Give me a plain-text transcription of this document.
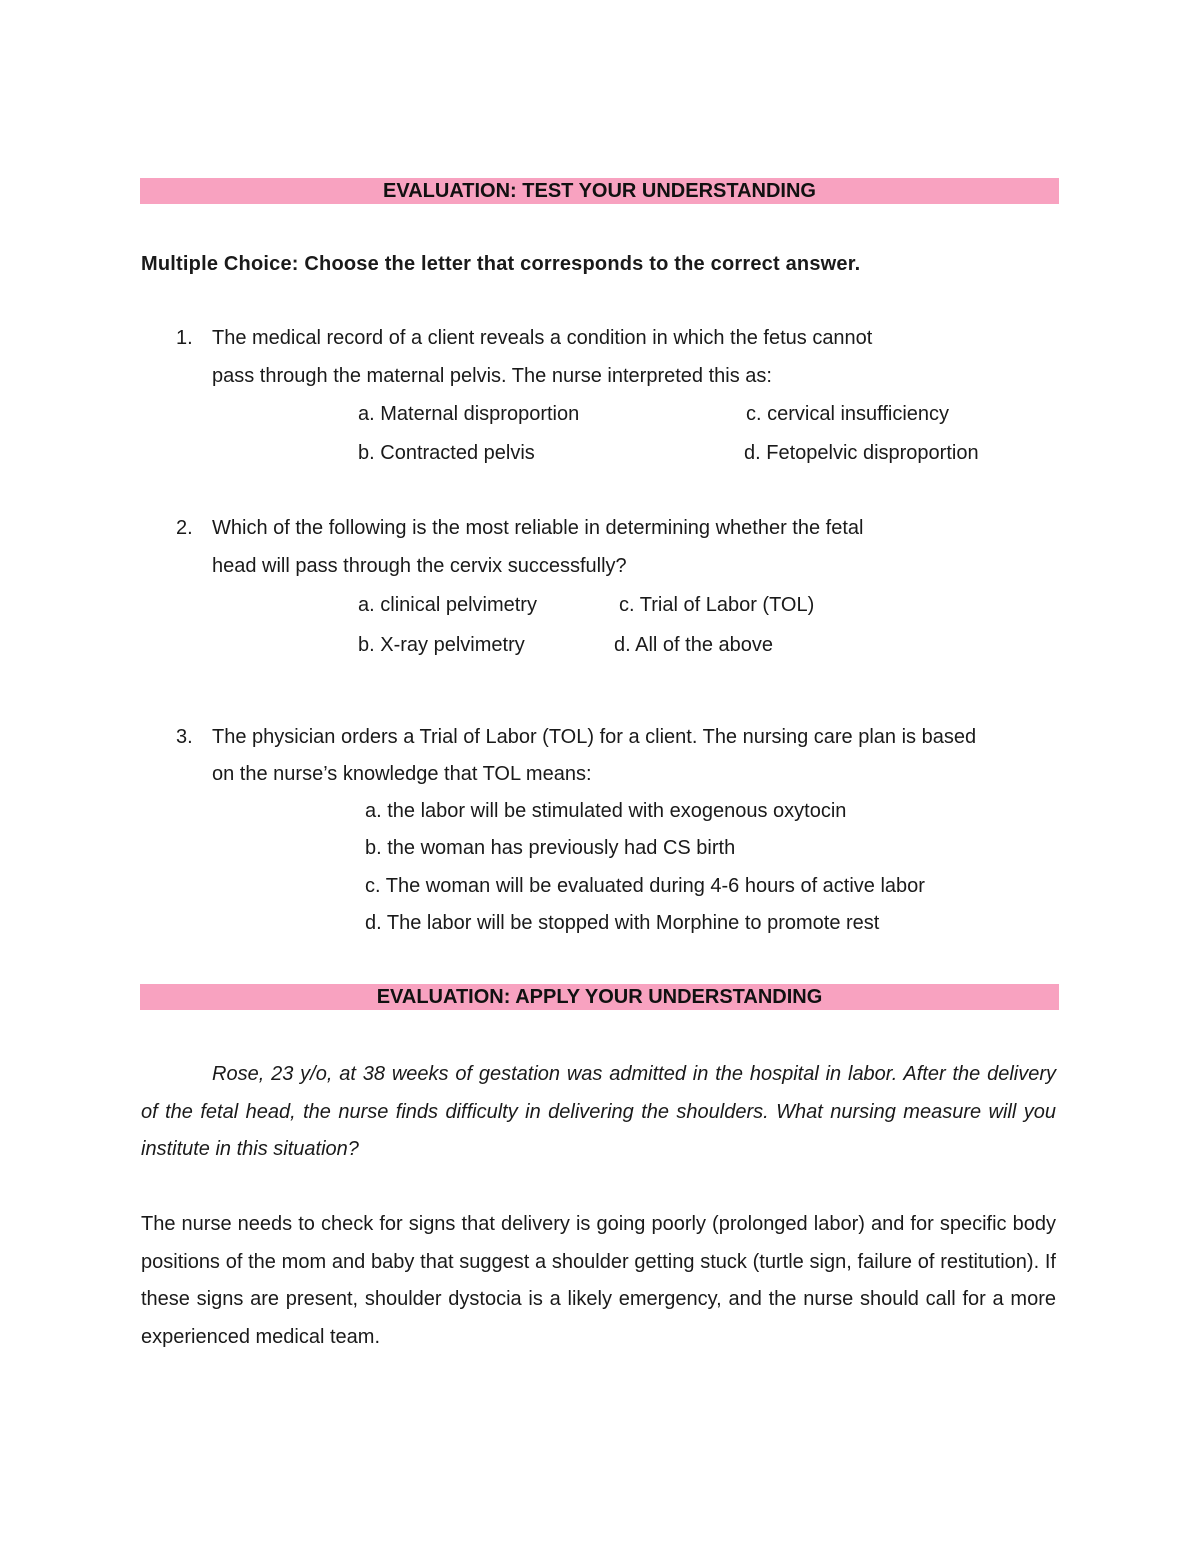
EVALUATION: TEST YOUR UNDERSTANDING
Multiple Choice: Choose the letter that corresponds to the correct answer.
1. The medical record of a client reveals a condition in which the fetus cannot
pass through the maternal pelvis. The nurse interpreted this as:
a. Maternal disproportion
b. Contracted pelvis
c. cervical insufficiency
d. Fetopelvic disproportion
2. Which of the following is the most reliable in determining whether the fetal
head will pass through the cervix successfully?
a. clinical pelvimetry
b. X-ray pelvimetry
c. Trial of Labor (TOL)
d. All of the above
3. The physician orders a Trial of Labor (TOL) for a client. The nursing care plan is based
on the nurse’s knowledge that TOL means:
a. the labor will be stimulated with exogenous oxytocin
b. the woman has previously had CS birth
c. The woman will be evaluated during 4-6 hours of active labor
d. The labor will be stopped with Morphine to promote rest
EVALUATION: APPLY YOUR UNDERSTANDING
Rose, 23 y/o, at 38 weeks of gestation was admitted in the hospital in labor. After the delivery of the fetal head, the nurse finds difficulty in delivering the shoulders. What nursing measure will you institute in this situation?
The nurse needs to check for signs that delivery is going poorly (prolonged labor) and for specific body positions of the mom and baby that suggest a shoulder getting stuck (turtle sign, failure of restitution). If these signs are present, shoulder dystocia is a likely emergency, and the nurse should call for a more experienced medical team.
